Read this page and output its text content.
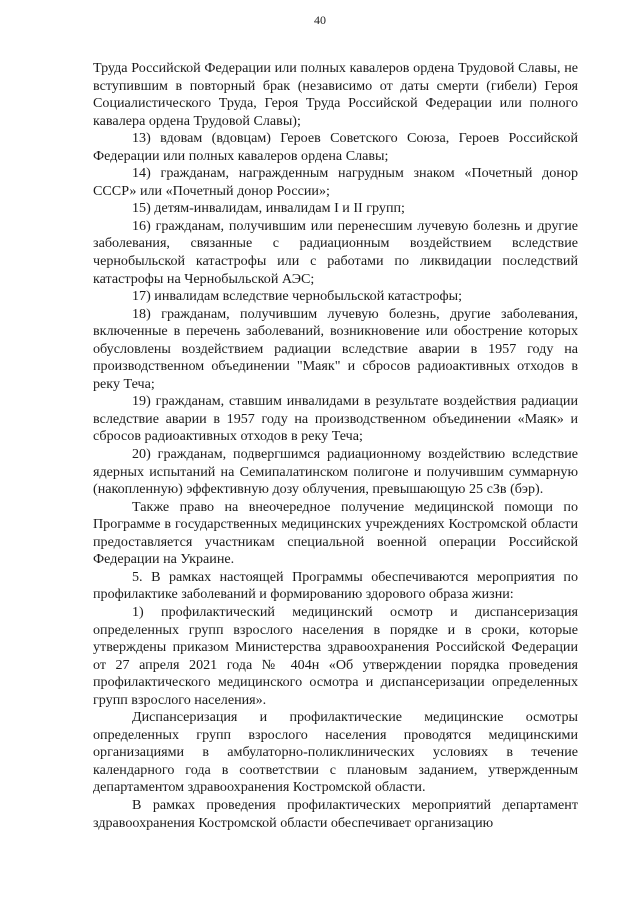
40

Труда Российской Федерации или полных кавалеров ордена Трудовой Славы, не вступившим в повторный брак (независимо от даты смерти (гибели) Героя Социалистического Труда, Героя Труда Российской Федерации или полного кавалера ордена Трудовой Славы);

13) вдовам (вдовцам) Героев Советского Союза, Героев Российской Федерации или полных кавалеров ордена Славы;

14) гражданам, награжденным нагрудным знаком «Почетный донор СССР» или «Почетный донор России»;

15) детям-инвалидам, инвалидам I и II групп;

16) гражданам, получившим или перенесшим лучевую болезнь и другие заболевания, связанные с радиационным воздействием вследствие чернобыльской катастрофы или с работами по ликвидации последствий катастрофы на Чернобыльской АЭС;

17) инвалидам вследствие чернобыльской катастрофы;

18) гражданам, получившим лучевую болезнь, другие заболевания, включенные в перечень заболеваний, возникновение или обострение которых обусловлены воздействием радиации вследствие аварии в 1957 году на производственном объединении "Маяк" и сбросов радиоактивных отходов в реку Теча;

19) гражданам, ставшим инвалидами в результате воздействия радиации вследствие аварии в 1957 году на производственном объединении «Маяк» и сбросов радиоактивных отходов в реку Теча;

20) гражданам, подвергшимся радиационному воздействию вследствие ядерных испытаний на Семипалатинском полигоне и получившим суммарную (накопленную) эффективную дозу облучения, превышающую 25 сЗв (бэр).

Также право на внеочередное получение медицинской помощи по Программе в государственных медицинских учреждениях Костромской области предоставляется участникам специальной военной операции Российской Федерации на Украине.

5. В рамках настоящей Программы обеспечиваются мероприятия по профилактике заболеваний и формированию здорового образа жизни:

1) профилактический медицинский осмотр и диспансеризация определенных групп взрослого населения в порядке и в сроки, которые утверждены приказом Министерства здравоохранения Российской Федерации от 27 апреля 2021 года № 404н «Об утверждении порядка проведения профилактического медицинского осмотра и диспансеризации определенных групп взрослого населения».

Диспансеризация и профилактические медицинские осмотры определенных групп взрослого населения проводятся медицинскими организациями в амбулаторно-поликлинических условиях в течение календарного года в соответствии с плановым заданием, утвержденным департаментом здравоохранения Костромской области.

В рамках проведения профилактических мероприятий департамент здравоохранения Костромской области обеспечивает организацию
